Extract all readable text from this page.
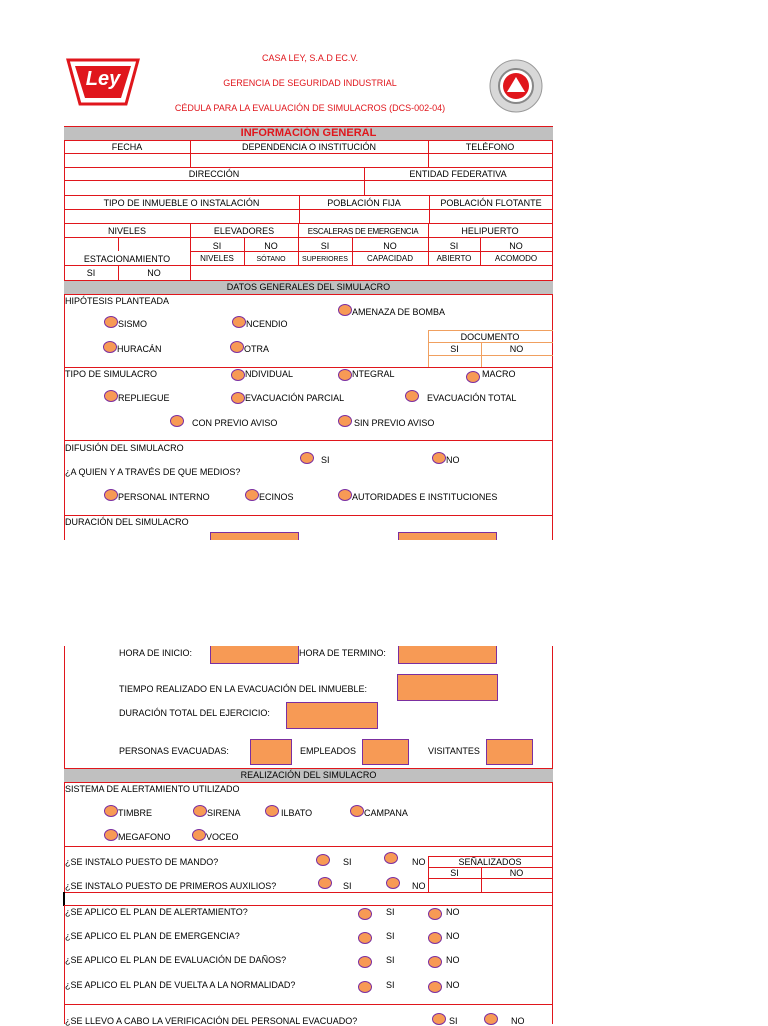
Ley
CASA LEY, S.A.D EC.V.
GERENCIA DE SEGURIDAD INDUSTRIAL
CÉDULA PARA LA EVALUACIÓN DE SIMULACROS (DCS-002-04)
INFORMACIÓN GENERAL
FECHA	DEPENDENCIA O INSTITUCIÓN	TELÉFONO
DIRECCIÓN	ENTIDAD FEDERATIVA
TIPO DE INMUEBLE O INSTALACIÓN	POBLACIÓN FIJA	POBLACIÓN FLOTANTE
NIVELES	ELEVADORES	ESCALERAS DE EMERGENCIA	HELIPUERTO
SI	NO	SI	NO	SI	NO
ESTACIONAMIENTO	NIVELES	SÓTANO	SUPERIORES	CAPACIDAD	ABIERTO	ACOMODO
SI	NO
DATOS GENERALES DEL SIMULACRO
HIPÓTESIS PLANTEADA
SISMO	NCENDIO
AMENAZA DE BOMBA
HURACÁN	OTRA
DOCUMENTO
SI	NO
TIPO DE SIMULACRO	NDIVIDUAL	NTEGRAL	MACRO
REPLIEGUE	EVACUACIÓN PARCIAL	EVACUACIÓN TOTAL
CON PREVIO AVISO	SIN PREVIO AVISO
DIFUSIÓN DEL SIMULACRO
SI	NO
¿A QUIEN Y A TRAVÉS DE QUE MEDIOS?
PERSONAL INTERNO	ECINOS	AUTORIDADES E INSTITUCIONES
DURACIÓN DEL SIMULACRO
HORA DE INICIO:	HORA DE TERMINO:
TIEMPO REALIZADO EN LA EVACUACIÓN DEL INMUEBLE:
DURACIÓN TOTAL DEL EJERCICIO:
PERSONAS EVACUADAS:	EMPLEADOS	VISITANTES
REALIZACIÓN DEL SIMULACRO
SISTEMA DE ALERTAMIENTO UTILIZADO
TIMBRE	SIRENA	ILBATO	CAMPANA
MEGAFONO	VOCEO
¿SE INSTALO PUESTO DE MANDO?	SI	NO	SEÑALIZADOS
SI	NO
¿SE INSTALO PUESTO DE PRIMEROS AUXILIOS?	SI	NO
¿SE APLICO EL PLAN DE ALERTAMIENTO?	SI	NO
¿SE APLICO EL PLAN DE EMERGENCIA?	SI	NO
¿SE APLICO EL PLAN DE EVALUACIÓN DE DAÑOS?	SI	NO
¿SE APLICO EL PLAN DE VUELTA A LA NORMALIDAD?	SI	NO
¿SE LLEVO A CABO LA VERIFICACIÓN DEL PERSONAL EVACUADO?	SI	NO
